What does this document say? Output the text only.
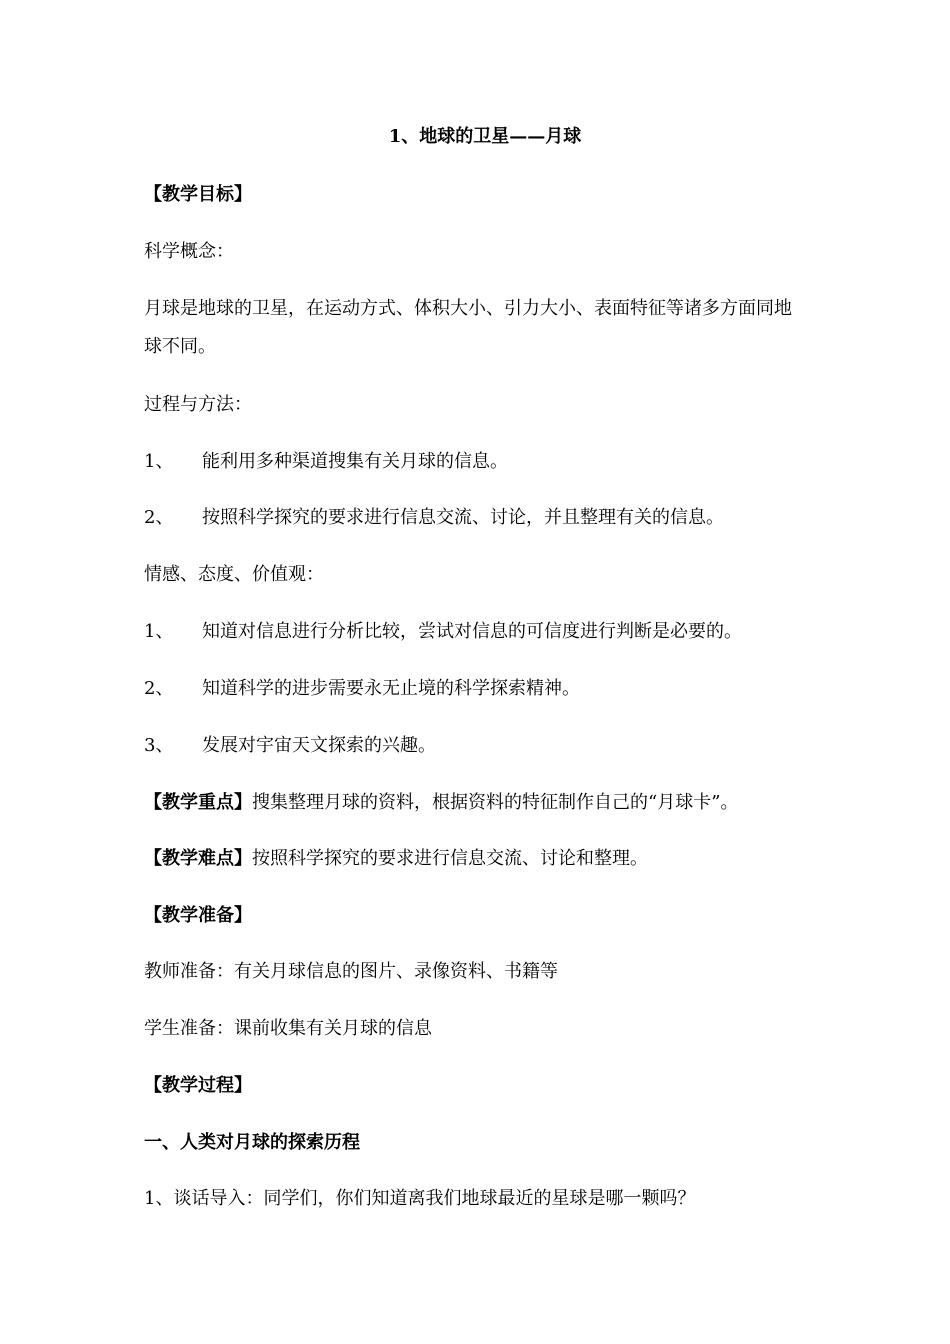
1、地球的卫星——月球
【教学目标】
科学概念：
月球是地球的卫星，在运动方式、体积大小、引力大小、表面特征等诸多方面同地
球不同。
过程与方法：
1、 能利用多种渠道搜集有关月球的信息。
2、 按照科学探究的要求进行信息交流、讨论，并且整理有关的信息。
情感、态度、价值观：
1、 知道对信息进行分析比较，尝试对信息的可信度进行判断是必要的。
2、 知道科学的进步需要永无止境的科学探索精神。
3、 发展对宇宙天文探索的兴趣。
【教学重点】搜集整理月球的资料，根据资料的特征制作自己的“月球卡”。
【教学难点】按照科学探究的要求进行信息交流、讨论和整理。
【教学准备】
教师准备：有关月球信息的图片、录像资料、书籍等
学生准备：课前收集有关月球的信息
【教学过程】
一、人类对月球的探索历程
1、谈话导入：同学们，你们知道离我们地球最近的星球是哪一颗吗？
